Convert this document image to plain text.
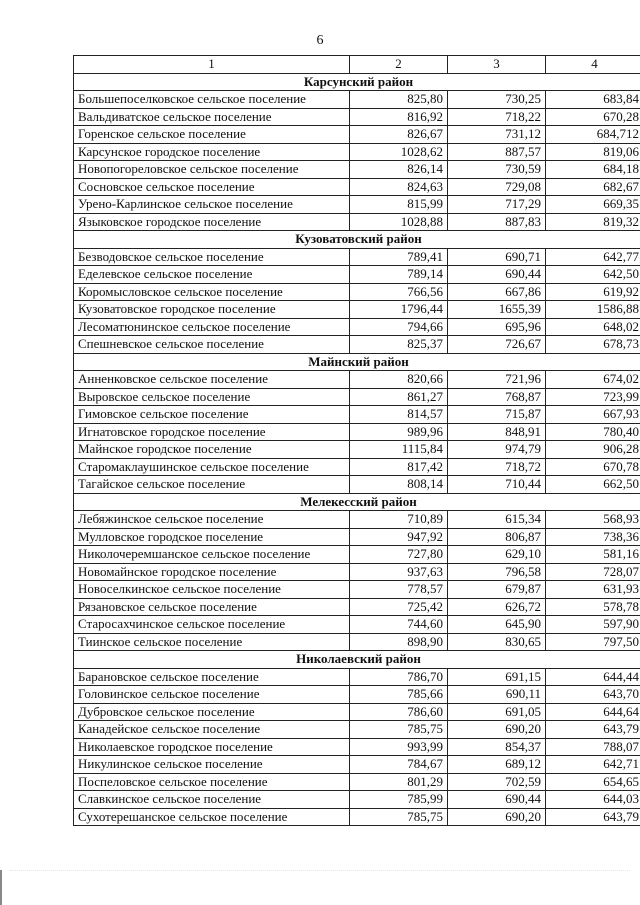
6
1	2	3	4
Карсунский район			
Большепоселковское сельское поселение	825,80	730,25	683,84
Вальдиватское сельское поселение	816,92	718,22	670,28
Горенское сельское поселение	826,67	731,12	684,712
Карсунское городское поселение	1028,62	887,57	819,06
Новопогореловское сельское поселение	826,14	730,59	684,18
Сосновское сельское поселение	824,63	729,08	682,67
Урено-Карлинское сельское поселение	815,99	717,29	669,35
Языковское городское поселение	1028,88	887,83	819,32
Кузоватовский район			
Безводовское сельское поселение	789,41	690,71	642,77
Еделевское сельское поселение	789,14	690,44	642,50
Коромысловское сельское поселение	766,56	667,86	619,92
Кузоватовское городское поселение	1796,44	1655,39	1586,88
Лесоматюнинское сельское поселение	794,66	695,96	648,02
Спешневское сельское поселение	825,37	726,67	678,73
Майнский район			
Анненковское сельское поселение	820,66	721,96	674,02
Выровское сельское поселение	861,27	768,87	723,99
Гимовское сельское поселение	814,57	715,87	667,93
Игнатовское городское поселение	989,96	848,91	780,40
Майнское городское поселение	1115,84	974,79	906,28
Старомаклаушинское сельское поселение	817,42	718,72	670,78
Тагайское сельское поселение	808,14	710,44	662,50
Мелекесский район			
Лебяжинское сельское поселение	710,89	615,34	568,93
Мулловское городское поселение	947,92	806,87	738,36
Николочеремшанское сельское поселение	727,80	629,10	581,16
Новомайнское городское поселение	937,63	796,58	728,07
Новоселкинское сельское поселение	778,57	679,87	631,93
Рязановское сельское поселение	725,42	626,72	578,78
Старосахчинское сельское поселение	744,60	645,90	597,90
Тиинское сельское поселение	898,90	830,65	797,50
Николаевский район			
Барановское сельское поселение	786,70	691,15	644,44
Головинское сельское поселение	785,66	690,11	643,70
Дубровское сельское поселение	786,60	691,05	644,64
Канадейское сельское поселение	785,75	690,20	643,79
Николаевское городское поселение	993,99	854,37	788,07
Никулинское сельское поселение	784,67	689,12	642,71
Поспеловское сельское поселение	801,29	702,59	654,65
Славкинское сельское поселение	785,99	690,44	644,03
Сухотерешанское сельское поселение	785,75	690,20	643,79
